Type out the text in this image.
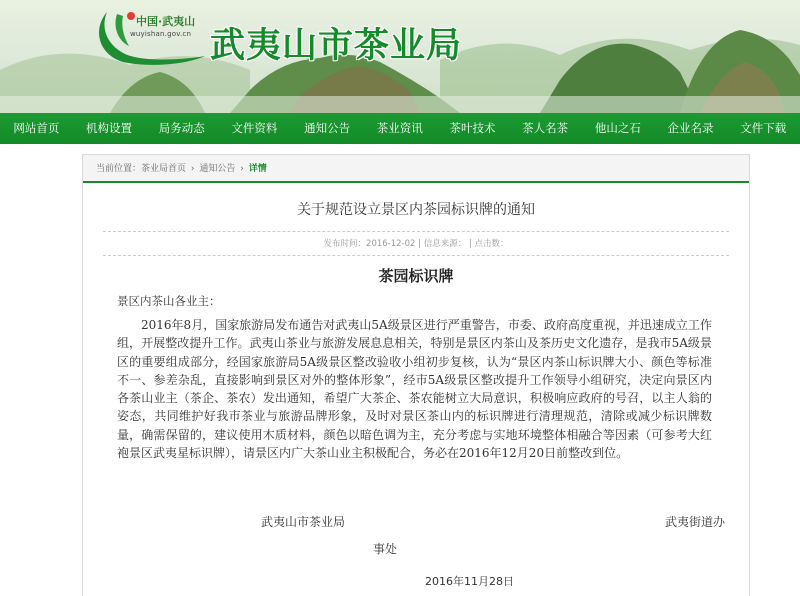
中国·武夷山
wuyishan.gov.cn 武夷山市茶业局
网站首页	机构设置	局务动态	文件资料	通知公告	茶业资讯	茶叶技术	茶人名茶	他山之石	企业名录	文件下载
当前位置：茶业局首页 › 通知公告 › 详情
关于规范设立景区内茶园标识牌的通知
发布时间：2016-12-02 | 信息来源： | 点击数：
茶园标识牌
景区内茶山各业主：

2016年8月，国家旅游局发布通告对武夷山5A级景区进行严重警告，市委、政府高度重视，并迅速成立工作组，开展整改提升工作。武夷山茶业与旅游发展息息相关，特别是景区内茶山及茶历史文化遗存，是我市5A级景区的重要组成部分，经国家旅游局5A级景区整改验收小组初步复核，认为“景区内茶山标识牌大小、颜色等标准不一、参差杂乱，直接影响到景区对外的整体形象”，经市5A级景区整改提升工作领导小组研究，决定向景区内各茶山业主（茶企、茶农）发出通知，希望广大茶企、茶农能树立大局意识，积极响应政府的号召，以主人翁的姿态，共同维护好我市茶业与旅游品牌形象，及时对景区茶山内的标识牌进行清理规范，清除或减少标识牌数量，确需保留的，建议使用木质材料，颜色以暗色调为主，充分考虑与实地环境整体相融合等因素（可参考大红袍景区武夷星标识牌），请景区内广大茶山业主积极配合，务必在2016年12月20日前整改到位。

武夷山市茶业局	武夷街道办
事处
2016年11月28日
